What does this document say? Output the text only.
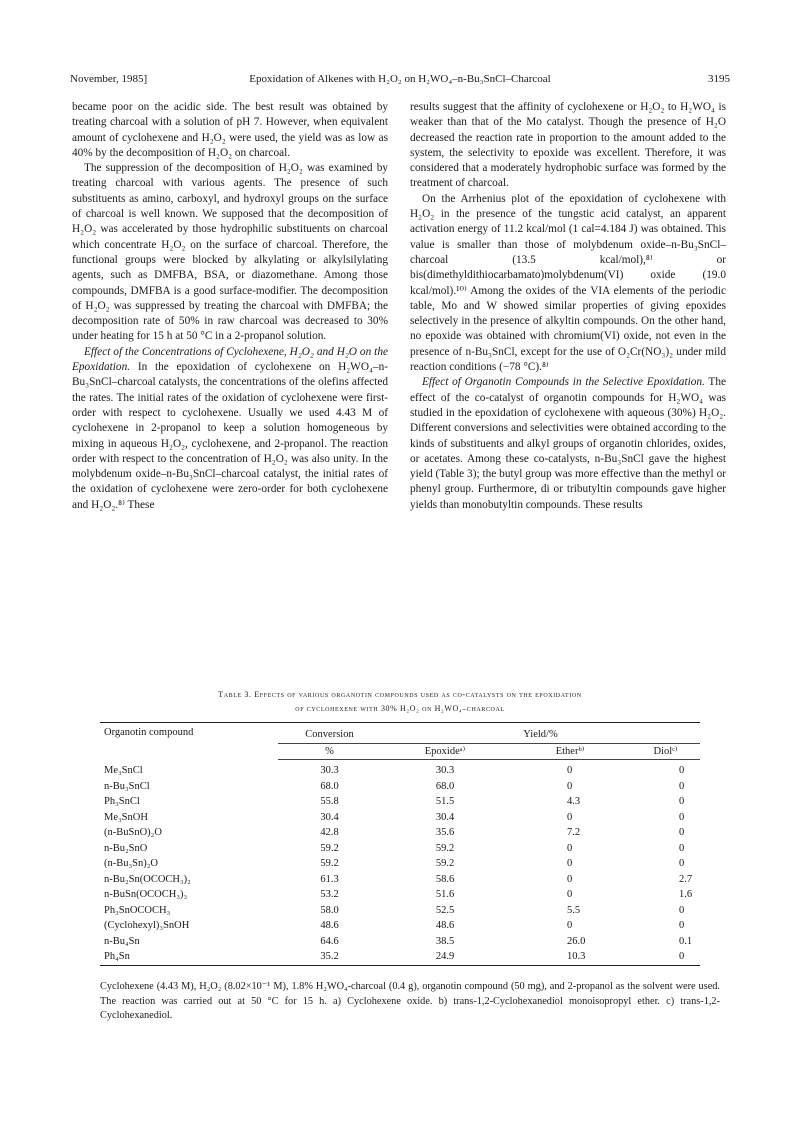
November, 1985]	Epoxidation of Alkenes with H₂O₂ on H₂WO₄–n-Bu₃SnCl–Charcoal	3195

became poor on the acidic side. The best result was obtained by treating charcoal with a solution of pH 7. However, when equivalent amount of cyclohexene and H₂O₂ were used, the yield was as low as 40% by the decomposition of H₂O₂ on charcoal.

The suppression of the decomposition of H₂O₂ was examined by treating charcoal with various agents. The presence of such substituents as amino, carboxyl, and hydroxyl groups on the surface of charcoal is well known. We supposed that the decomposition of H₂O₂ was accelerated by those hydrophilic substituents on charcoal which concentrate H₂O₂ on the surface of charcoal. Therefore, the functional groups were blocked by alkylating or alkylsilylating agents, such as DMFBA, BSA, or diazomethane. Among those compounds, DMFBA is a good surface-modifier. The decomposition of H₂O₂ was suppressed by treating the charcoal with DMFBA; the decomposition rate of 50% in raw charcoal was decreased to 30% under heating for 15 h at 50 °C in a 2-propanol solution.

Effect of the Concentrations of Cyclohexene, H₂O₂ and H₂O on the Epoxidation. In the epoxidation of cyclohexene on H₂WO₄–n-Bu₃SnCl–charcoal catalysts, the concentrations of the olefins affected the rates. The initial rates of the oxidation of cyclohexene were first-order with respect to cyclohexene. Usually we used 4.43 M of cyclohexene in 2-propanol to keep a solution homogeneous by mixing in aqueous H₂O₂, cyclohexene, and 2-propanol. The reaction order with respect to the concentration of H₂O₂ was also unity. In the molybdenum oxide–n-Bu₃SnCl–charcoal catalyst, the initial rates of the oxidation of cyclohexene were zero-order for both cyclohexene and H₂O₂.⁸⁾ These

results suggest that the affinity of cyclohexene or H₂O₂ to H₂WO₄ is weaker than that of the Mo catalyst. Though the presence of H₂O decreased the reaction rate in proportion to the amount added to the system, the selectivity to epoxide was excellent. Therefore, it was considered that a moderately hydrophobic surface was formed by the treatment of charcoal.

On the Arrhenius plot of the epoxidation of cyclohexene with H₂O₂ in the presence of the tungstic acid catalyst, an apparent activation energy of 11.2 kcal/mol (1 cal=4.184 J) was obtained. This value is smaller than those of molybdenum oxide–n-Bu₃SnCl–charcoal (13.5 kcal/mol),⁸⁾ or bis(dimethyldithiocarbamato)molybdenum(VI) oxide (19.0 kcal/mol).¹⁰⁾ Among the oxides of the VIA elements of the periodic table, Mo and W showed similar properties of giving epoxides selectively in the presence of alkyltin compounds. On the other hand, no epoxide was obtained with chromium(VI) oxide, not even in the presence of n-Bu₃SnCl, except for the use of O₂Cr(NO₃)₂ under mild reaction conditions (−78 °C).⁸⁾

Effect of Organotin Compounds in the Selective Epoxidation. The effect of the co-catalyst of organotin compounds for H₂WO₄ was studied in the epoxidation of cyclohexene with aqueous (30%) H₂O₂. Different conversions and selectivities were obtained according to the kinds of substituents and alkyl groups of organotin chlorides, oxides, or acetates. Among these co-catalysts, n-Bu₃SnCl gave the highest yield (Table 3); the butyl group was more effective than the methyl or phenyl group. Furthermore, di or tributyltin compounds gave higher yields than monobutyltin compounds. These results

Table 3. Effects of various organotin compounds used as co-catalysts on the epoxidation
of cyclohexene with 30% H₂O₂ on H₂WO₄–charcoal
Organotin compound	Conversion	Yield/%		
	%	Epoxideᵃ⁾	Etherᵇ⁾	Diolᶜ⁾
Me₃SnCl	30.3	30.3	0	0
n-Bu₃SnCl	68.0	68.0	0	0
Ph₃SnCl	55.8	51.5	4.3	0
Me₃SnOH	30.4	30.4	0	0
(n-BuSnO)₂O	42.8	35.6	7.2	0
n-Bu₂SnO	59.2	59.2	0	0
(n-Bu₃Sn)₂O	59.2	59.2	0	0
n-Bu₂Sn(OCOCH₃)₂	61.3	58.6	0	2.7
n-BuSn(OCOCH₃)₃	53.2	51.6	0	1.6
Ph₃SnOCOCH₃	58.0	52.5	5.5	0
(Cyclohexyl)₃SnOH	48.6	48.6	0	0
n-Bu₄Sn	64.6	38.5	26.0	0.1
Ph₄Sn	35.2	24.9	10.3	0
Cyclohexene (4.43 M), H₂O₂ (8.02×10⁻¹ M), 1.8% H₂WO₄-charcoal (0.4 g), organotin compound (50 mg), and 2-propanol as the solvent were used. The reaction was carried out at 50 °C for 15 h. a) Cyclohexene oxide. b) trans-1,2-Cyclohexanediol monoisopropyl ether. c) trans-1,2-Cyclohexanediol.
